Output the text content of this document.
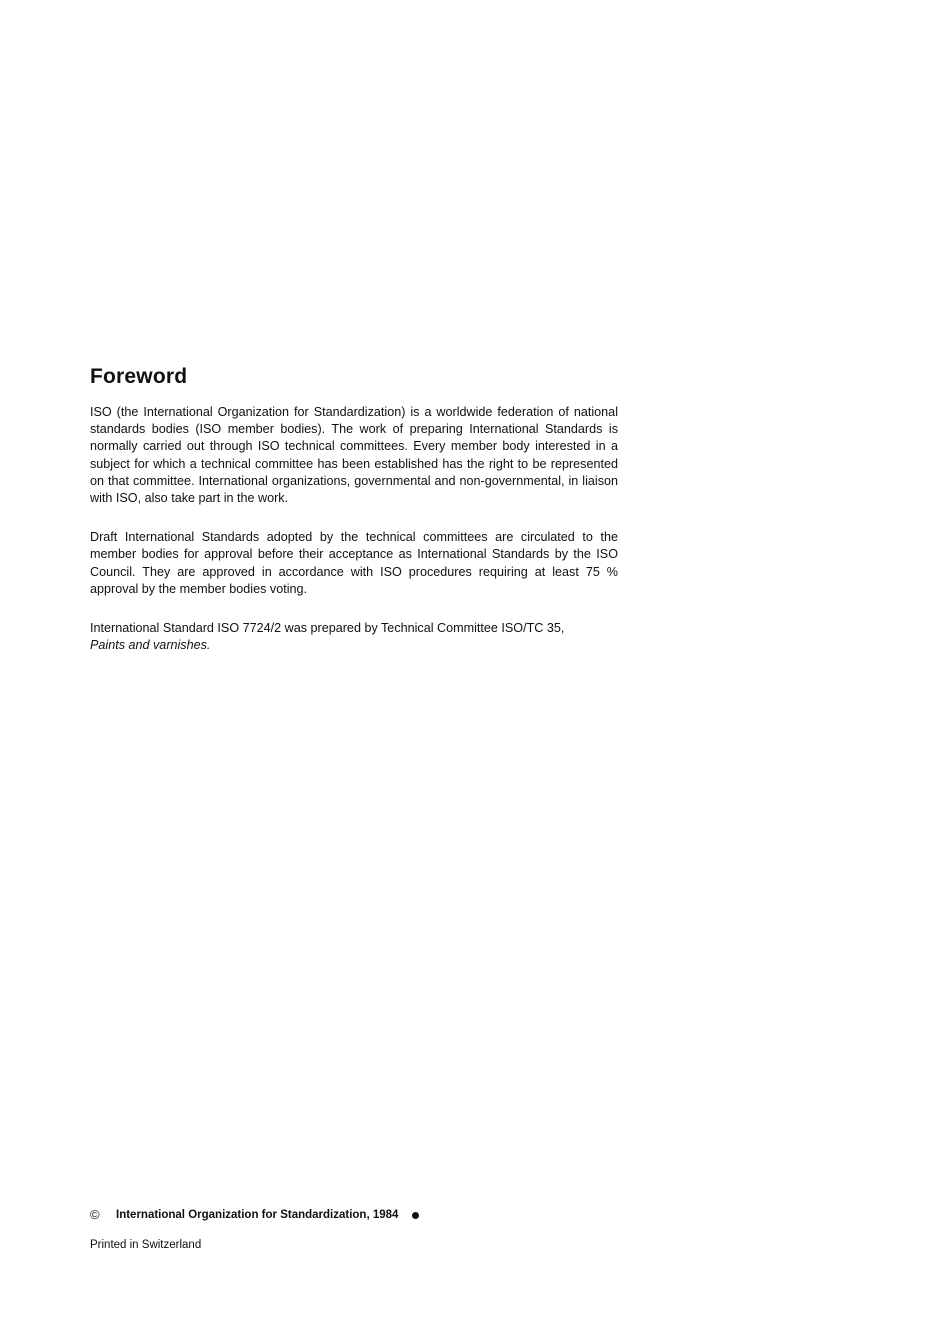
Foreword

ISO (the International Organization for Standardization) is a worldwide federation of national standards bodies (ISO member bodies). The work of preparing International Standards is normally carried out through ISO technical committees. Every member body interested in a subject for which a technical committee has been established has the right to be represented on that committee. International organizations, governmental and non-governmental, in liaison with ISO, also take part in the work.

Draft International Standards adopted by the technical committees are circulated to the member bodies for approval before their acceptance as International Standards by the ISO Council. They are approved in accordance with ISO procedures requiring at least 75 % approval by the member bodies voting.

International Standard ISO 7724/2 was prepared by Technical Committee ISO/TC 35,
Paints and varnishes.

©	International Organization for Standardization, 1984
Printed in Switzerland
